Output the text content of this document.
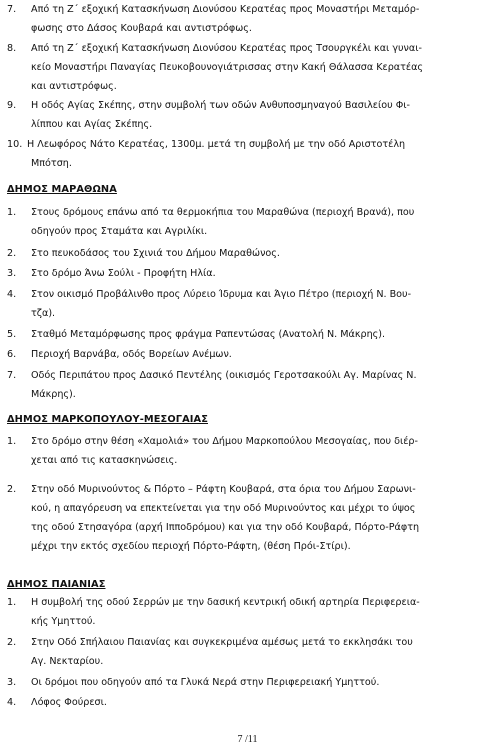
7.	Από τη Ζ΄ εξοχική Κατασκήνωση Διονύσου Κερατέας προς Μοναστήρι Μεταμόρ-
φωσης στο Δάσος Κουβαρά και αντιστρόφως.
8.	Από τη Ζ΄ εξοχική Κατασκήνωση Διονύσου Κερατέας προς Τσουργκέλι και γυναι-
κείο Μοναστήρι Παναγίας Πευκοβουνογιάτρισσας στην Κακή Θάλασσα Κερατέας
και αντιστρόφως.
9.	Η οδός Αγίας Σκέπης, στην συμβολή των οδών Ανθυποσμηναγού Βασιλείου Φι-
λίππου και Αγίας Σκέπης.
10. Η Λεωφόρος Νάτο Κερατέας, 1300μ. μετά τη συμβολή με την οδό Αριστοτέλη
Μπότση.
ΔΗΜΟΣ ΜΑΡΑΘΩΝΑ
1.	Στους δρόμους επάνω από τα θερμοκήπια του Μαραθώνα (περιοχή Βρανά), που
οδηγούν προς Σταμάτα και Αγριλίκι.
2.	Στο πευκοδάσος του Σχινιά του Δήμου Μαραθώνος.
3.	Στο δρόμο Άνω Σούλι - Προφήτη Ηλία.
4.	Στον οικισμό Προβάλινθο προς Λύρειο Ίδρυμα και Άγιο Πέτρο (περιοχή Ν. Βου-
τζα).
5.	Σταθμό Μεταμόρφωσης προς φράγμα Ραπεντώσας (Ανατολή Ν. Μάκρης).
6.	Περιοχή Βαρνάβα, οδός Βορείων Ανέμων.
7.	Οδός Περιπάτου προς Δασικό Πεντέλης (οικισμός Γεροτσακούλι Αγ. Μαρίνας Ν.
Μάκρης).
ΔΗΜΟΣ ΜΑΡΚΟΠΟΥΛΟΥ-ΜΕΣΟΓΑΙΑΣ
1.	Στο δρόμο στην θέση «Χαμολιά» του Δήμου Μαρκοπούλου Μεσογαίας, που διέρ-
χεται από τις κατασκηνώσεις.
2.	Στην οδό Μυρινούντος & Πόρτο – Ράφτη Κουβαρά, στα όρια του Δήμου Σαρωνι-
κού, η απαγόρευση να επεκτείνεται για την οδό Μυρινούντος και μέχρι το ύψος
της οδού Στησαγόρα (αρχή Ιπποδρόμου) και για την οδό Κουβαρά, Πόρτο-Ράφτη
μέχρι την εκτός σχεδίου περιοχή Πόρτο-Ράφτη, (θέση Πρόι-Στίρι).
ΔΗΜΟΣ ΠΑΙΑΝΙΑΣ
1.	Η συμβολή της οδού Σερρών με την δασική κεντρική οδική αρτηρία Περιφερεια-
κής Υμηττού.
2.	Στην Οδό Σπήλαιου Παιανίας και συγκεκριμένα αμέσως μετά το εκκλησάκι του
Αγ. Νεκταρίου.
3.	Οι δρόμοι που οδηγούν από τα Γλυκά Νερά στην Περιφερειακή Υμηττού.
4.	Λόφος Φούρεσι.
7 /11
